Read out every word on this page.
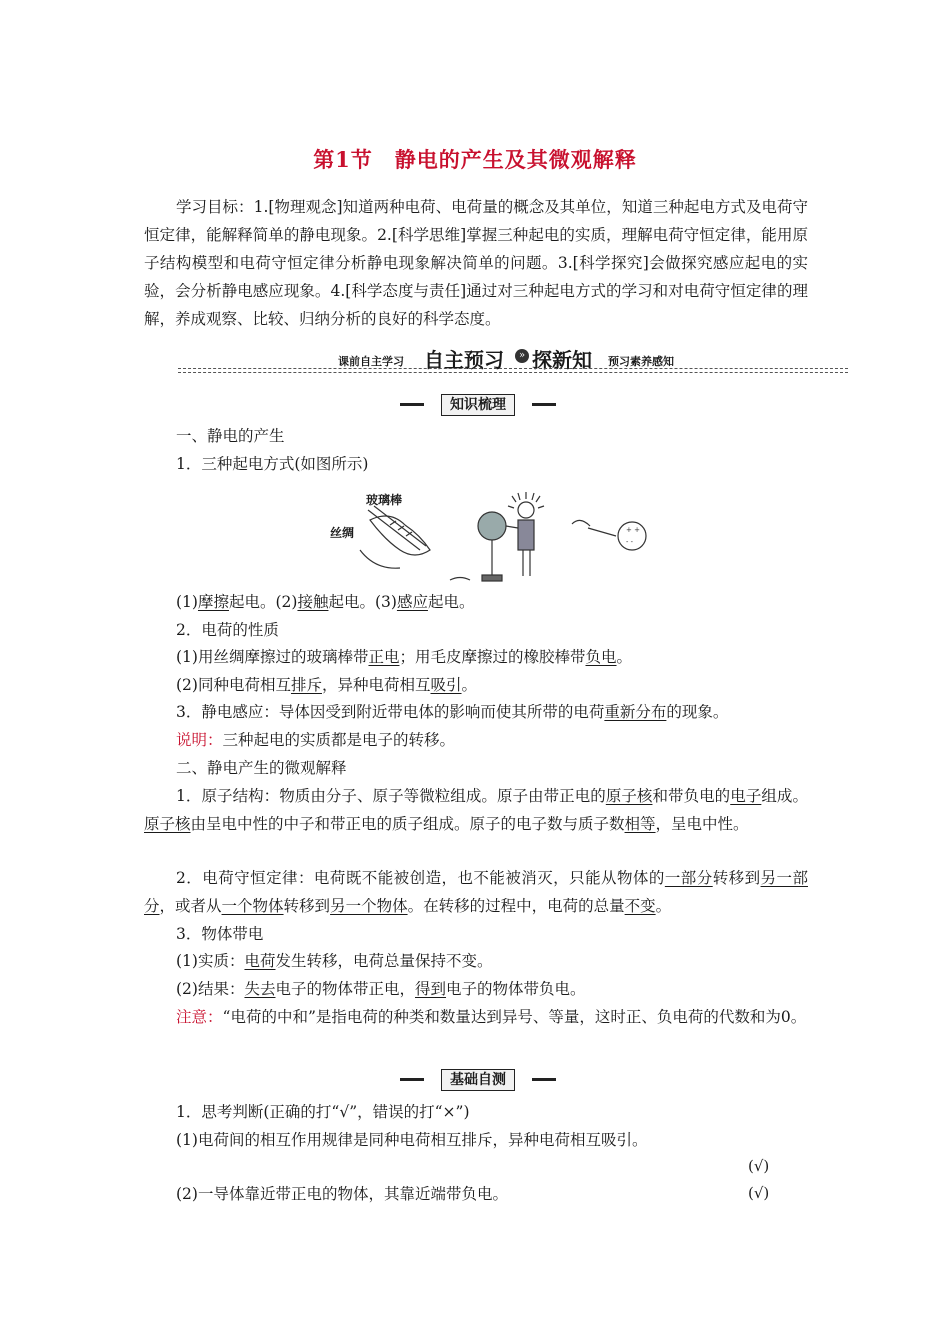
第1节　静电的产生及其微观解释
学习目标：1.[物理观念]知道两种电荷、电荷量的概念及其单位，知道三种起电方式及电荷守恒定律，能解释简单的静电现象。2.[科学思维]掌握三种起电的实质，理解电荷守恒定律，能用原子结构模型和电荷守恒定律分析静电现象解决简单的问题。3.[科学探究]会做探究感应起电的实验，会分析静电感应现象。4.[科学态度与责任]通过对三种起电方式的学习和对电荷守恒定律的理解，养成观察、比较、归纳分析的良好的科学态度。
课前自主学习 自主预习	» 探新知 预习素养感知
知识梳理
一、静电的产生
1．三种起电方式(如图所示)
玻璃棒
丝绸	+ +
- -
(1)摩擦起电。(2)接触起电。(3)感应起电。
2．电荷的性质
(1)用丝绸摩擦过的玻璃棒带正电；用毛皮摩擦过的橡胶棒带负电。
(2)同种电荷相互排斥，异种电荷相互吸引。
3．静电感应：导体因受到附近带电体的影响而使其所带的电荷重新分布的现象。
说明：三种起电的实质都是电子的转移。
二、静电产生的微观解释
1．原子结构：物质由分子、原子等微粒组成。原子由带正电的原子核和带负电的电子组成。原子核由呈电中性的中子和带正电的质子组成。原子的电子数与质子数相等，呈电中性。
2．电荷守恒定律：电荷既不能被创造，也不能被消灭，只能从物体的一部分转移到另一部分，或者从一个物体转移到另一个物体。在转移的过程中，电荷的总量不变。
3．物体带电
(1)实质：电荷发生转移，电荷总量保持不变。
(2)结果：失去电子的物体带正电，得到电子的物体带负电。
注意：“电荷的中和”是指电荷的种类和数量达到异号、等量，这时正、负电荷的代数和为0。
基础自测
1．思考判断(正确的打“√”，错误的打“×”)
(1)电荷间的相互作用规律是同种电荷相互排斥，异种电荷相互吸引。
(√)
(2)一导体靠近带正电的物体，其靠近端带负电。	(√)
